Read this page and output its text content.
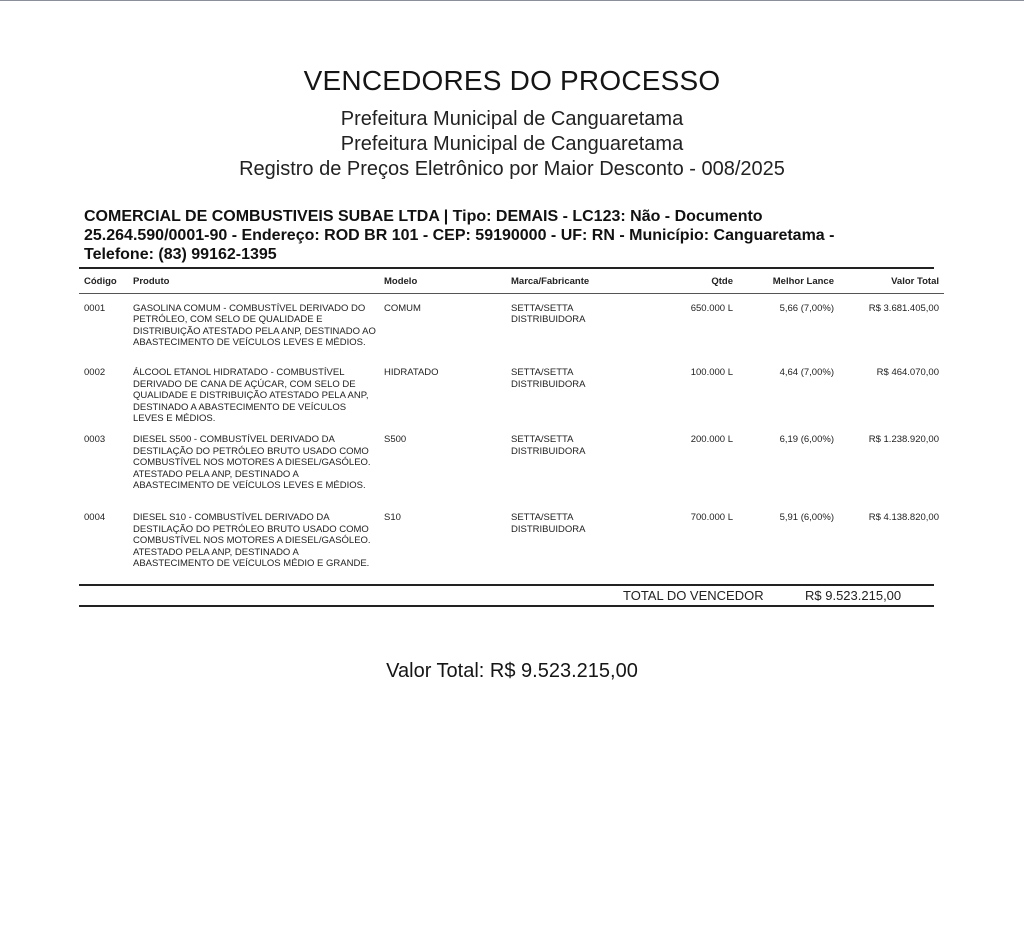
VENCEDORES DO PROCESSO
Prefeitura Municipal de Canguaretama
Prefeitura Municipal de Canguaretama
Registro de Preços Eletrônico por Maior Desconto - 008/2025
COMERCIAL DE COMBUSTIVEIS SUBAE LTDA | Tipo: DEMAIS - LC123: Não - Documento
25.264.590/0001-90 - Endereço: ROD BR 101 - CEP: 59190000 - UF: RN - Município: Canguaretama -
Telefone: (83) 99162-1395
Código	Produto	Modelo	Marca/Fabricante	Qtde	Melhor Lance	Valor Total
0001	GASOLINA COMUM - COMBUSTÍVEL DERIVADO DO PETRÓLEO, COM SELO DE QUALIDADE E DISTRIBUIÇÃO ATESTADO PELA ANP, DESTINADO AO ABASTECIMENTO DE VEÍCULOS LEVES E MÉDIOS.	COMUM	SETTA/SETTA DISTRIBUIDORA	650.000 L	5,66 (7,00%)	R$ 3.681.405,00
0002	ÁLCOOL ETANOL HIDRATADO - COMBUSTÍVEL DERIVADO DE CANA DE AÇÚCAR, COM SELO DE QUALIDADE E DISTRIBUIÇÃO ATESTADO PELA ANP, DESTINADO A ABASTECIMENTO DE VEÍCULOS LEVES E MÉDIOS.	HIDRATADO	SETTA/SETTA DISTRIBUIDORA	100.000 L	4,64 (7,00%)	R$ 464.070,00
0003	DIESEL S500 - COMBUSTÍVEL DERIVADO DA DESTILAÇÃO DO PETRÓLEO BRUTO USADO COMO COMBUSTÍVEL NOS MOTORES A DIESEL/GASÓLEO. ATESTADO PELA ANP, DESTINADO A ABASTECIMENTO DE VEÍCULOS LEVES E MÉDIOS.	S500	SETTA/SETTA DISTRIBUIDORA	200.000 L	6,19 (6,00%)	R$ 1.238.920,00
0004	DIESEL S10 - COMBUSTÍVEL DERIVADO DA DESTILAÇÃO DO PETRÓLEO BRUTO USADO COMO COMBUSTÍVEL NOS MOTORES A DIESEL/GASÓLEO. ATESTADO PELA ANP, DESTINADO A ABASTECIMENTO DE VEÍCULOS MÉDIO E GRANDE.	S10	SETTA/SETTA DISTRIBUIDORA	700.000 L	5,91 (6,00%)	R$ 4.138.820,00
TOTAL DO VENCEDOR	R$ 9.523.215,00
Valor Total: R$ 9.523.215,00
